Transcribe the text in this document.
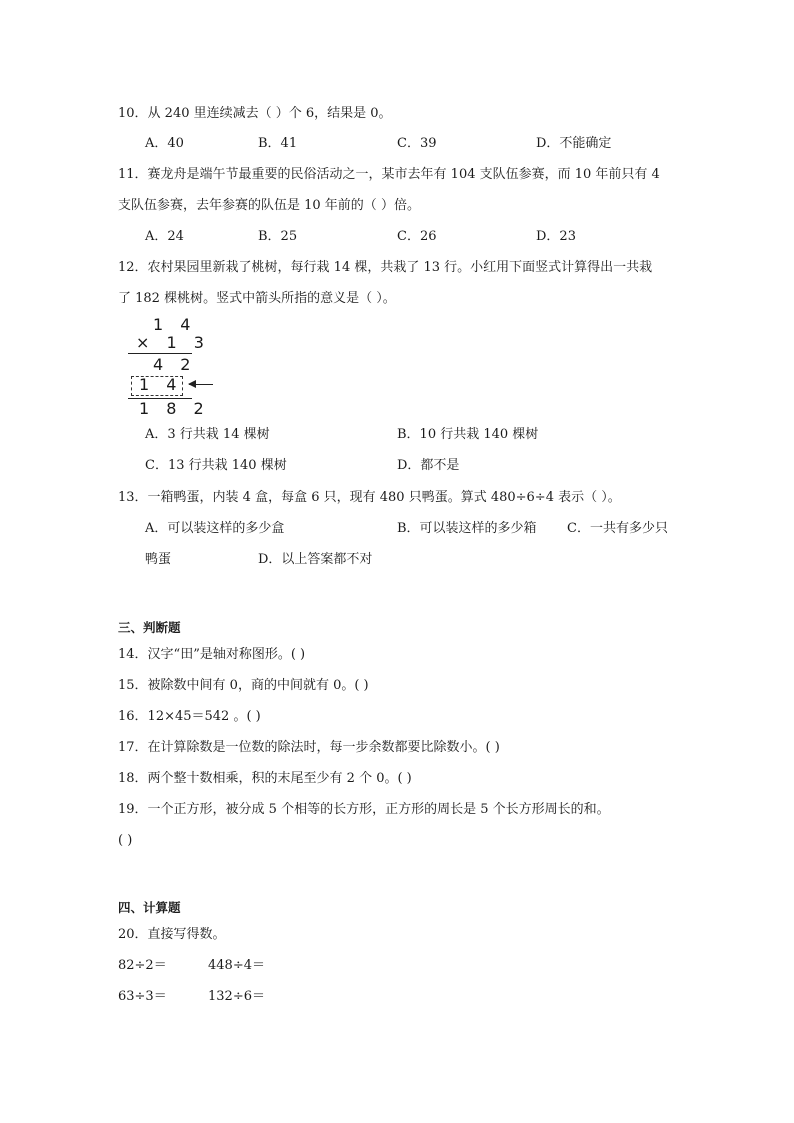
10．从 240 里连续减去（ ）个 6，结果是 0。
A．40	B．41	C．39	D．不能确定
11．赛龙舟是端午节最重要的民俗活动之一，某市去年有 104 支队伍参赛，而 10 年前只有 4
支队伍参赛，去年参赛的队伍是 10 年前的（ ）倍。
A．24	B．25	C．26	D．23
12．农村果园里新栽了桃树，每行栽 14 棵，共栽了 13 行。小红用下面竖式计算得出一共栽
了 182 棵桃树。竖式中箭头所指的意义是（ ）。
1 4
× 1 3
4 2
1 4
1 8 2
A．3 行共栽 14 棵树	B．10 行共栽 140 棵树
C．13 行共栽 140 棵树	D．都不是
13．一箱鸭蛋，内装 4 盒，每盒 6 只，现有 480 只鸭蛋。算式 480÷6÷4 表示（ ）。
A．可以装这样的多少盒	B．可以装这样的多少箱 C．一共有多少只
鸭蛋	D．以上答案都不对
三、判断题
14．汉字“田”是轴对称图形。( )
15．被除数中间有 0，商的中间就有 0。( )
16．12×45＝542 。( )
17．在计算除数是一位数的除法时，每一步余数都要比除数小。( )
18．两个整十数相乘，积的末尾至少有 2 个 0。( )
19．一个正方形，被分成 5 个相等的长方形，正方形的周长是 5 个长方形周长的和。
( )
四、计算题
20．直接写得数。
82÷2＝	448÷4＝
63÷3＝	132÷6＝
